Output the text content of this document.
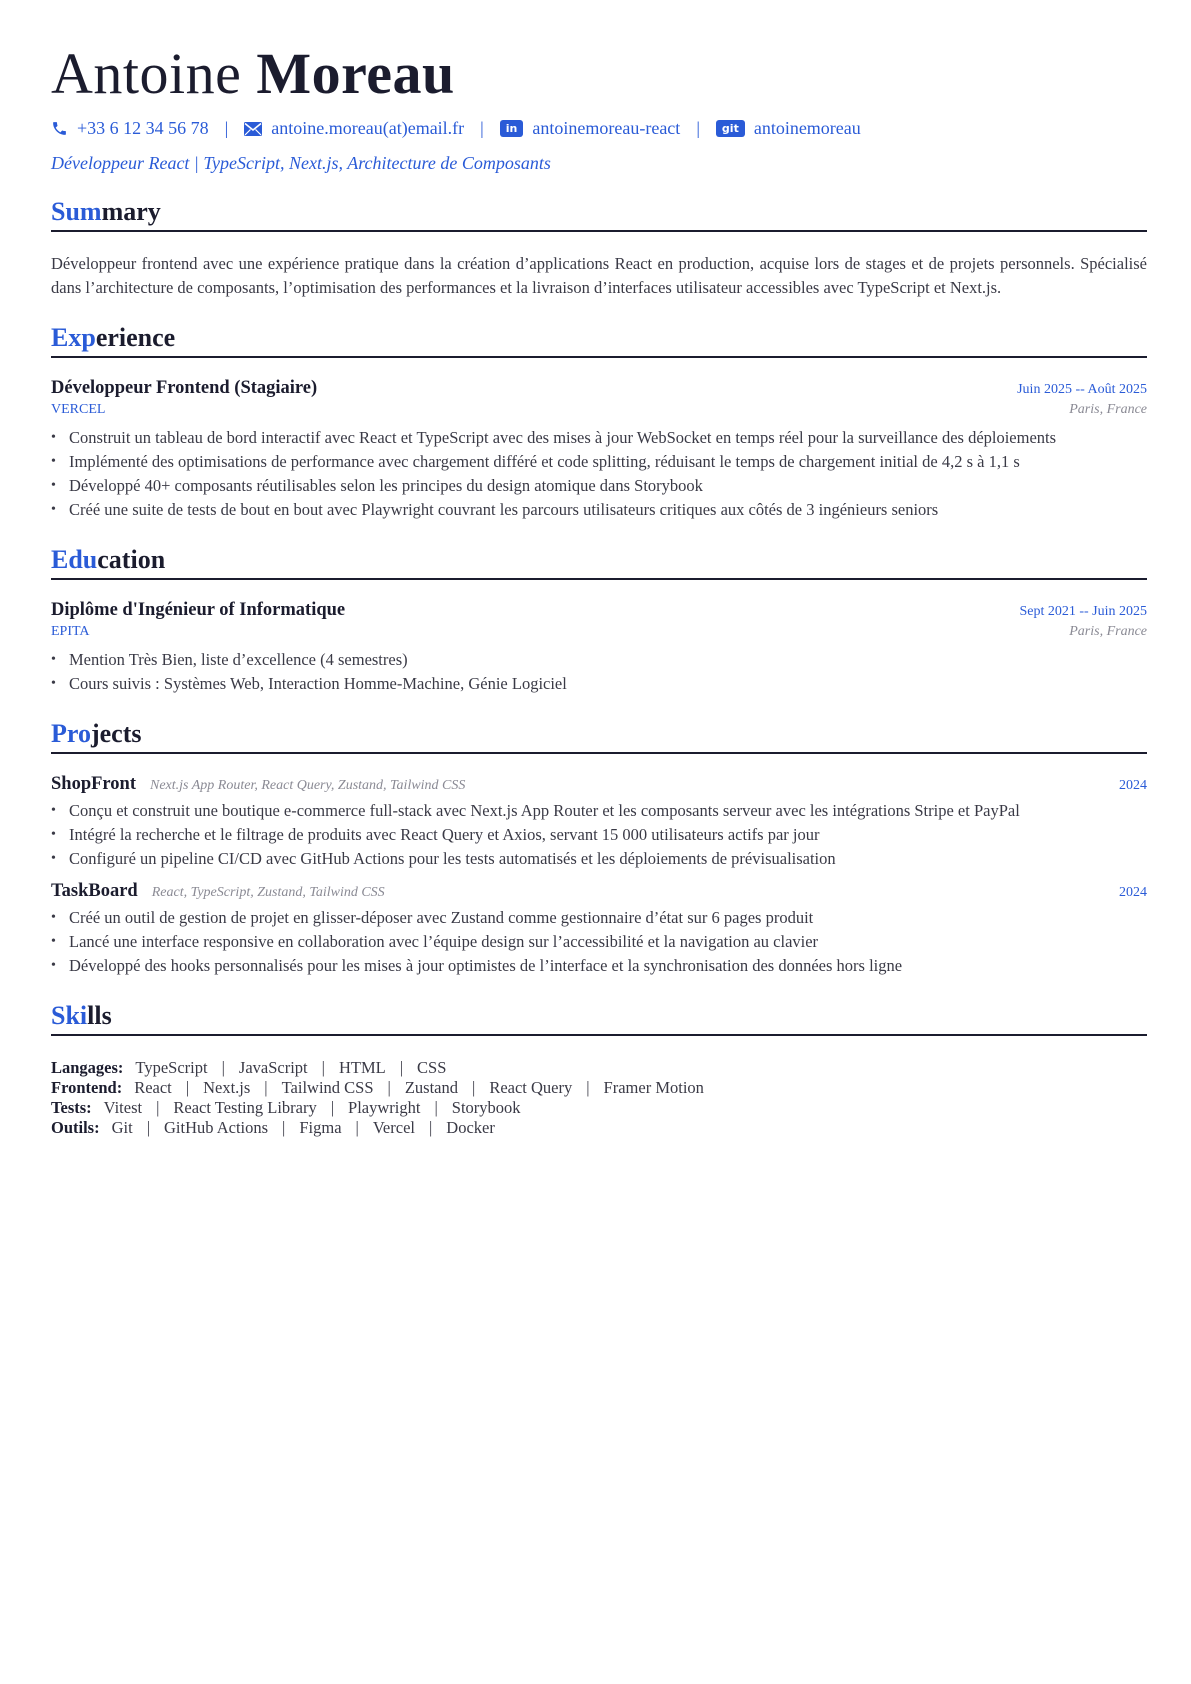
Antoine Moreau
+33 6 12 34 56 78 | antoine.moreau(at)email.fr |	in antoinemoreau-react |	git antoinemoreau
Développeur React | TypeScript, Next.js, Architecture de Composants
Summary
Développeur frontend avec une expérience pratique dans la création d’applications React en production, acquise lors de stages et de projets personnels. Spécialisé dans l’architecture de composants, l’optimisation des performances et la livraison d’interfaces utilisateur accessibles avec TypeScript et Next.js.
Experience
Développeur Frontend (Stagiaire)	Juin 2025 -- Août 2025
VERCEL	Paris, France
• Construit un tableau de bord interactif avec React et TypeScript avec des mises à jour WebSocket en temps réel pour la surveillance des déploiements
• Implémenté des optimisations de performance avec chargement différé et code splitting, réduisant le temps de chargement initial de 4,2 s à 1,1 s
• Développé 40+ composants réutilisables selon les principes du design atomique dans Storybook
• Créé une suite de tests de bout en bout avec Playwright couvrant les parcours utilisateurs critiques aux côtés de 3 ingénieurs seniors
Education
Diplôme d'Ingénieur of Informatique	Sept 2021 -- Juin 2025
EPITA	Paris, France
• Mention Très Bien, liste d’excellence (4 semestres)
• Cours suivis : Systèmes Web, Interaction Homme-Machine, Génie Logiciel
Projects
ShopFront Next.js App Router, React Query, Zustand, Tailwind CSS	2024
• Conçu et construit une boutique e-commerce full-stack avec Next.js App Router et les composants serveur avec les intégrations Stripe et PayPal
• Intégré la recherche et le filtrage de produits avec React Query et Axios, servant 15 000 utilisateurs actifs par jour
• Configuré un pipeline CI/CD avec GitHub Actions pour les tests automatisés et les déploiements de prévisualisation
TaskBoard React, TypeScript, Zustand, Tailwind CSS	2024
• Créé un outil de gestion de projet en glisser-déposer avec Zustand comme gestionnaire d’état sur 6 pages produit
• Lancé une interface responsive en collaboration avec l’équipe design sur l’accessibilité et la navigation au clavier
• Développé des hooks personnalisés pour les mises à jour optimistes de l’interface et la synchronisation des données hors ligne
Skills
Langages: TypeScript | JavaScript | HTML | CSS
Frontend: React | Next.js | Tailwind CSS | Zustand | React Query | Framer Motion
Tests: Vitest | React Testing Library | Playwright | Storybook
Outils: Git | GitHub Actions | Figma | Vercel | Docker
